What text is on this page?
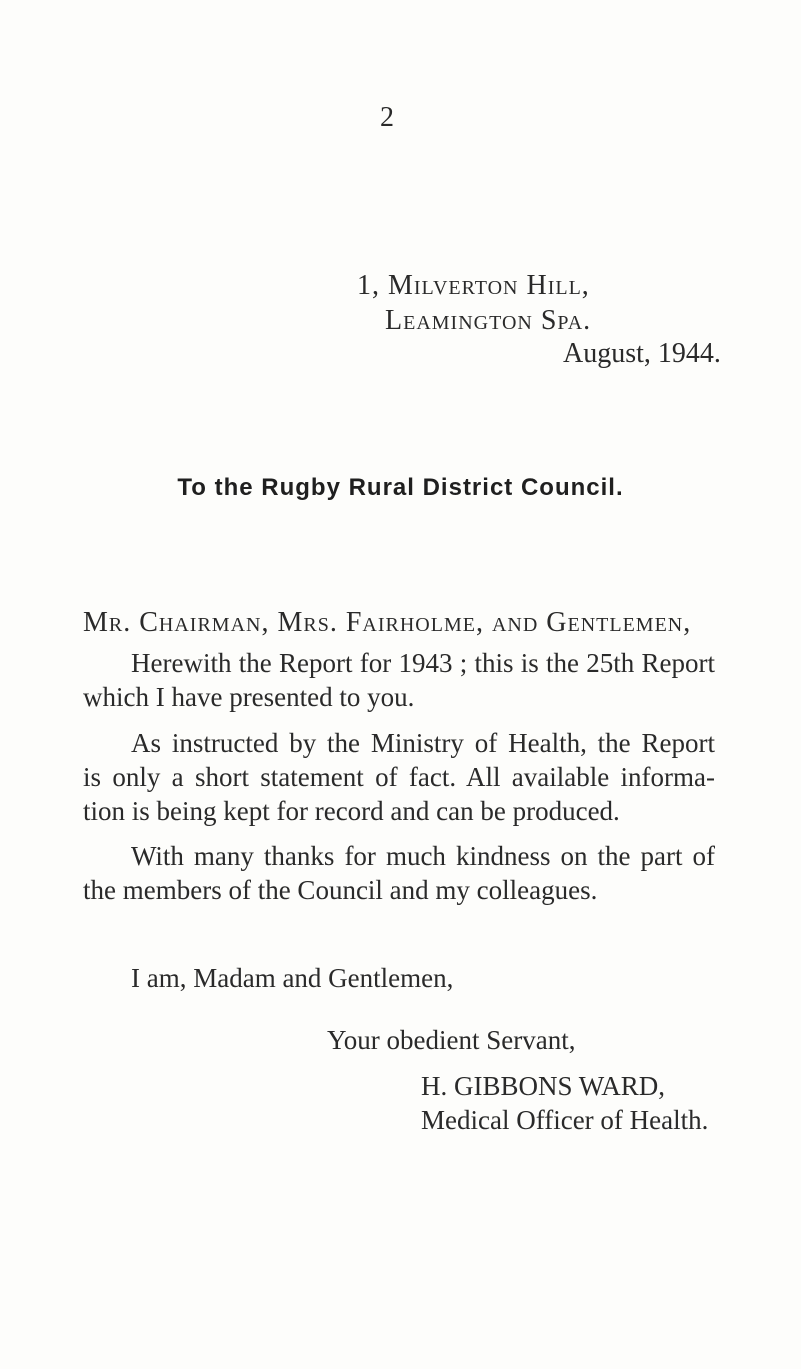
2
1, Milverton Hill,
Leamington Spa.
August, 1944.
To the Rugby Rural District Council.
Mr. Chairman, Mrs. Fairholme, and Gentlemen,
Herewith the Report for 1943 ; this is the 25th Report
which I have presented to you.
As instructed by the Ministry of Health, the Report
is only a short statement of fact. All available informa-
tion is being kept for record and can be produced.
With many thanks for much kindness on the part of
the members of the Council and my colleagues.
I am, Madam and Gentlemen,
Your obedient Servant,
H. GIBBONS WARD,
Medical Officer of Health.
